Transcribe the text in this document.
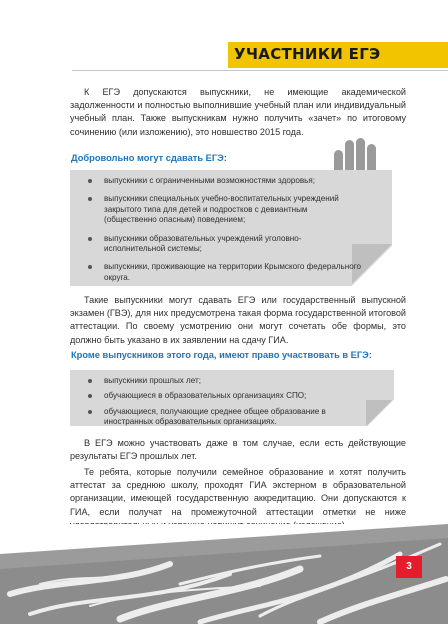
УЧАСТНИКИ ЕГЭ

К ЕГЭ допускаются выпускники, не имеющие академической задолженности и полностью выполнившие учебный план или индивидуальный учебный план. Также выпускникам нужно получить «зачет» по итоговому сочинению (или изложению), это новшество 2015 года.

Добровольно могут сдавать ЕГЭ:
выпускники с ограниченными возможностями здоровья;
выпускники специальных учебно-воспитательных учреждений закрытого типа для детей и подростков с девиантным (общественно опасным) поведением;
выпускники образовательных учреждений уголовно-исполнительной системы;
выпускники, проживающие на территории Крымского федерального округа.

Такие выпускники могут сдавать ЕГЭ или государственный выпускной экзамен (ГВЭ), для них предусмотрена такая форма государственной итоговой аттестации. По своему усмотрению они могут сочетать обе формы, это должно быть указано в их заявлении на сдачу ГИА.

Кроме выпускников этого года, имеют право участвовать в ЕГЭ:
выпускники прошлых лет;
обучающиеся в образовательных организациях СПО;
обучающиеся, получающие среднее общее образование в иностранных образовательных организациях.

В ЕГЭ можно участвовать даже в том случае, если есть действующие результаты ЕГЭ прошлых лет.

Те ребята, которые получили семейное образование и хотят получить аттестат за среднюю школу, проходят ГИА экстерном в образовательной организации, имеющей государственную аккредитацию. Они допускаются к ГИА, если получат на промежуточной аттестации отметки не ниже

3
